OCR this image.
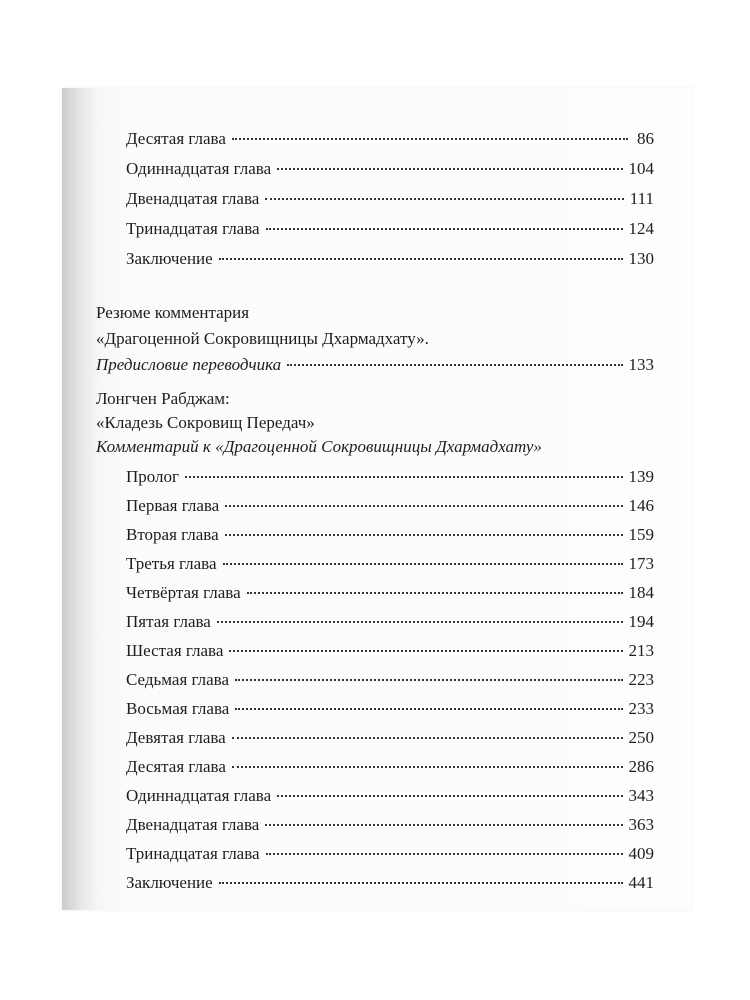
Десятая глава	86
Одиннадцатая глава	104
Двенадцатая глава	111
Тринадцатая глава	124
Заключение	130
Резюме комментария
«Драгоценной Сокровищницы Дхармадхату».
Предисловие переводчика	133
Лонгчен Рабджам:
«Кладезь Сокровищ Передач»
Комментарий к «Драгоценной Сокровищницы Дхармадхату»
Пролог	139
Первая глава	146
Вторая глава	159
Третья глава	173
Четвёртая глава	184
Пятая глава	194
Шестая глава	213
Седьмая глава	223
Восьмая глава	233
Девятая глава	250
Десятая глава	286
Одиннадцатая глава	343
Двенадцатая глава	363
Тринадцатая глава	409
Заключение	441
